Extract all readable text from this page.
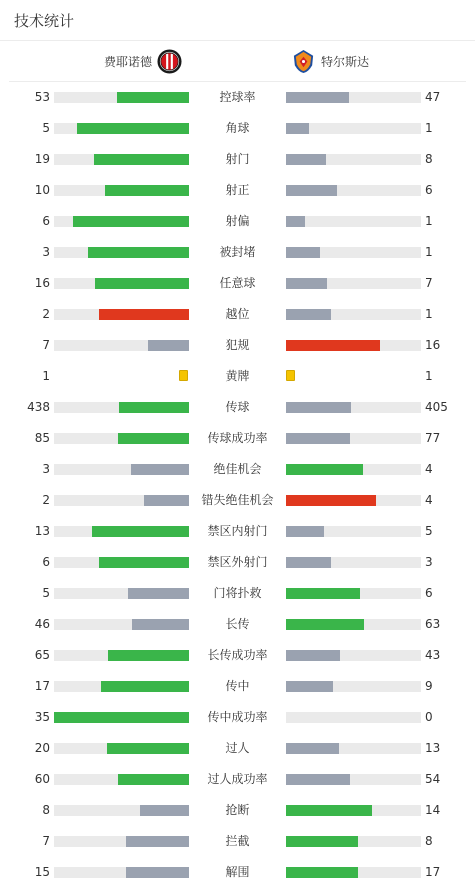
技术统计
费耶诺德	特尔斯达
53	控球率	47
5	角球	1
19	射门	8
10	射正	6
6	射偏	1
3	被封堵	1
16	任意球	7
2	越位	1
7	犯规	16
1	黄牌	1
438	传球	405
85	传球成功率	77
3	绝佳机会	4
2	错失绝佳机会	4
13	禁区内射门	5
6	禁区外射门	3
5	门将扑救	6
46	长传	63
65	长传成功率	43
17	传中	9
35	传中成功率	0
20	过人	13
60	过人成功率	54
8	抢断	14
7	拦截	8
15	解围	17
